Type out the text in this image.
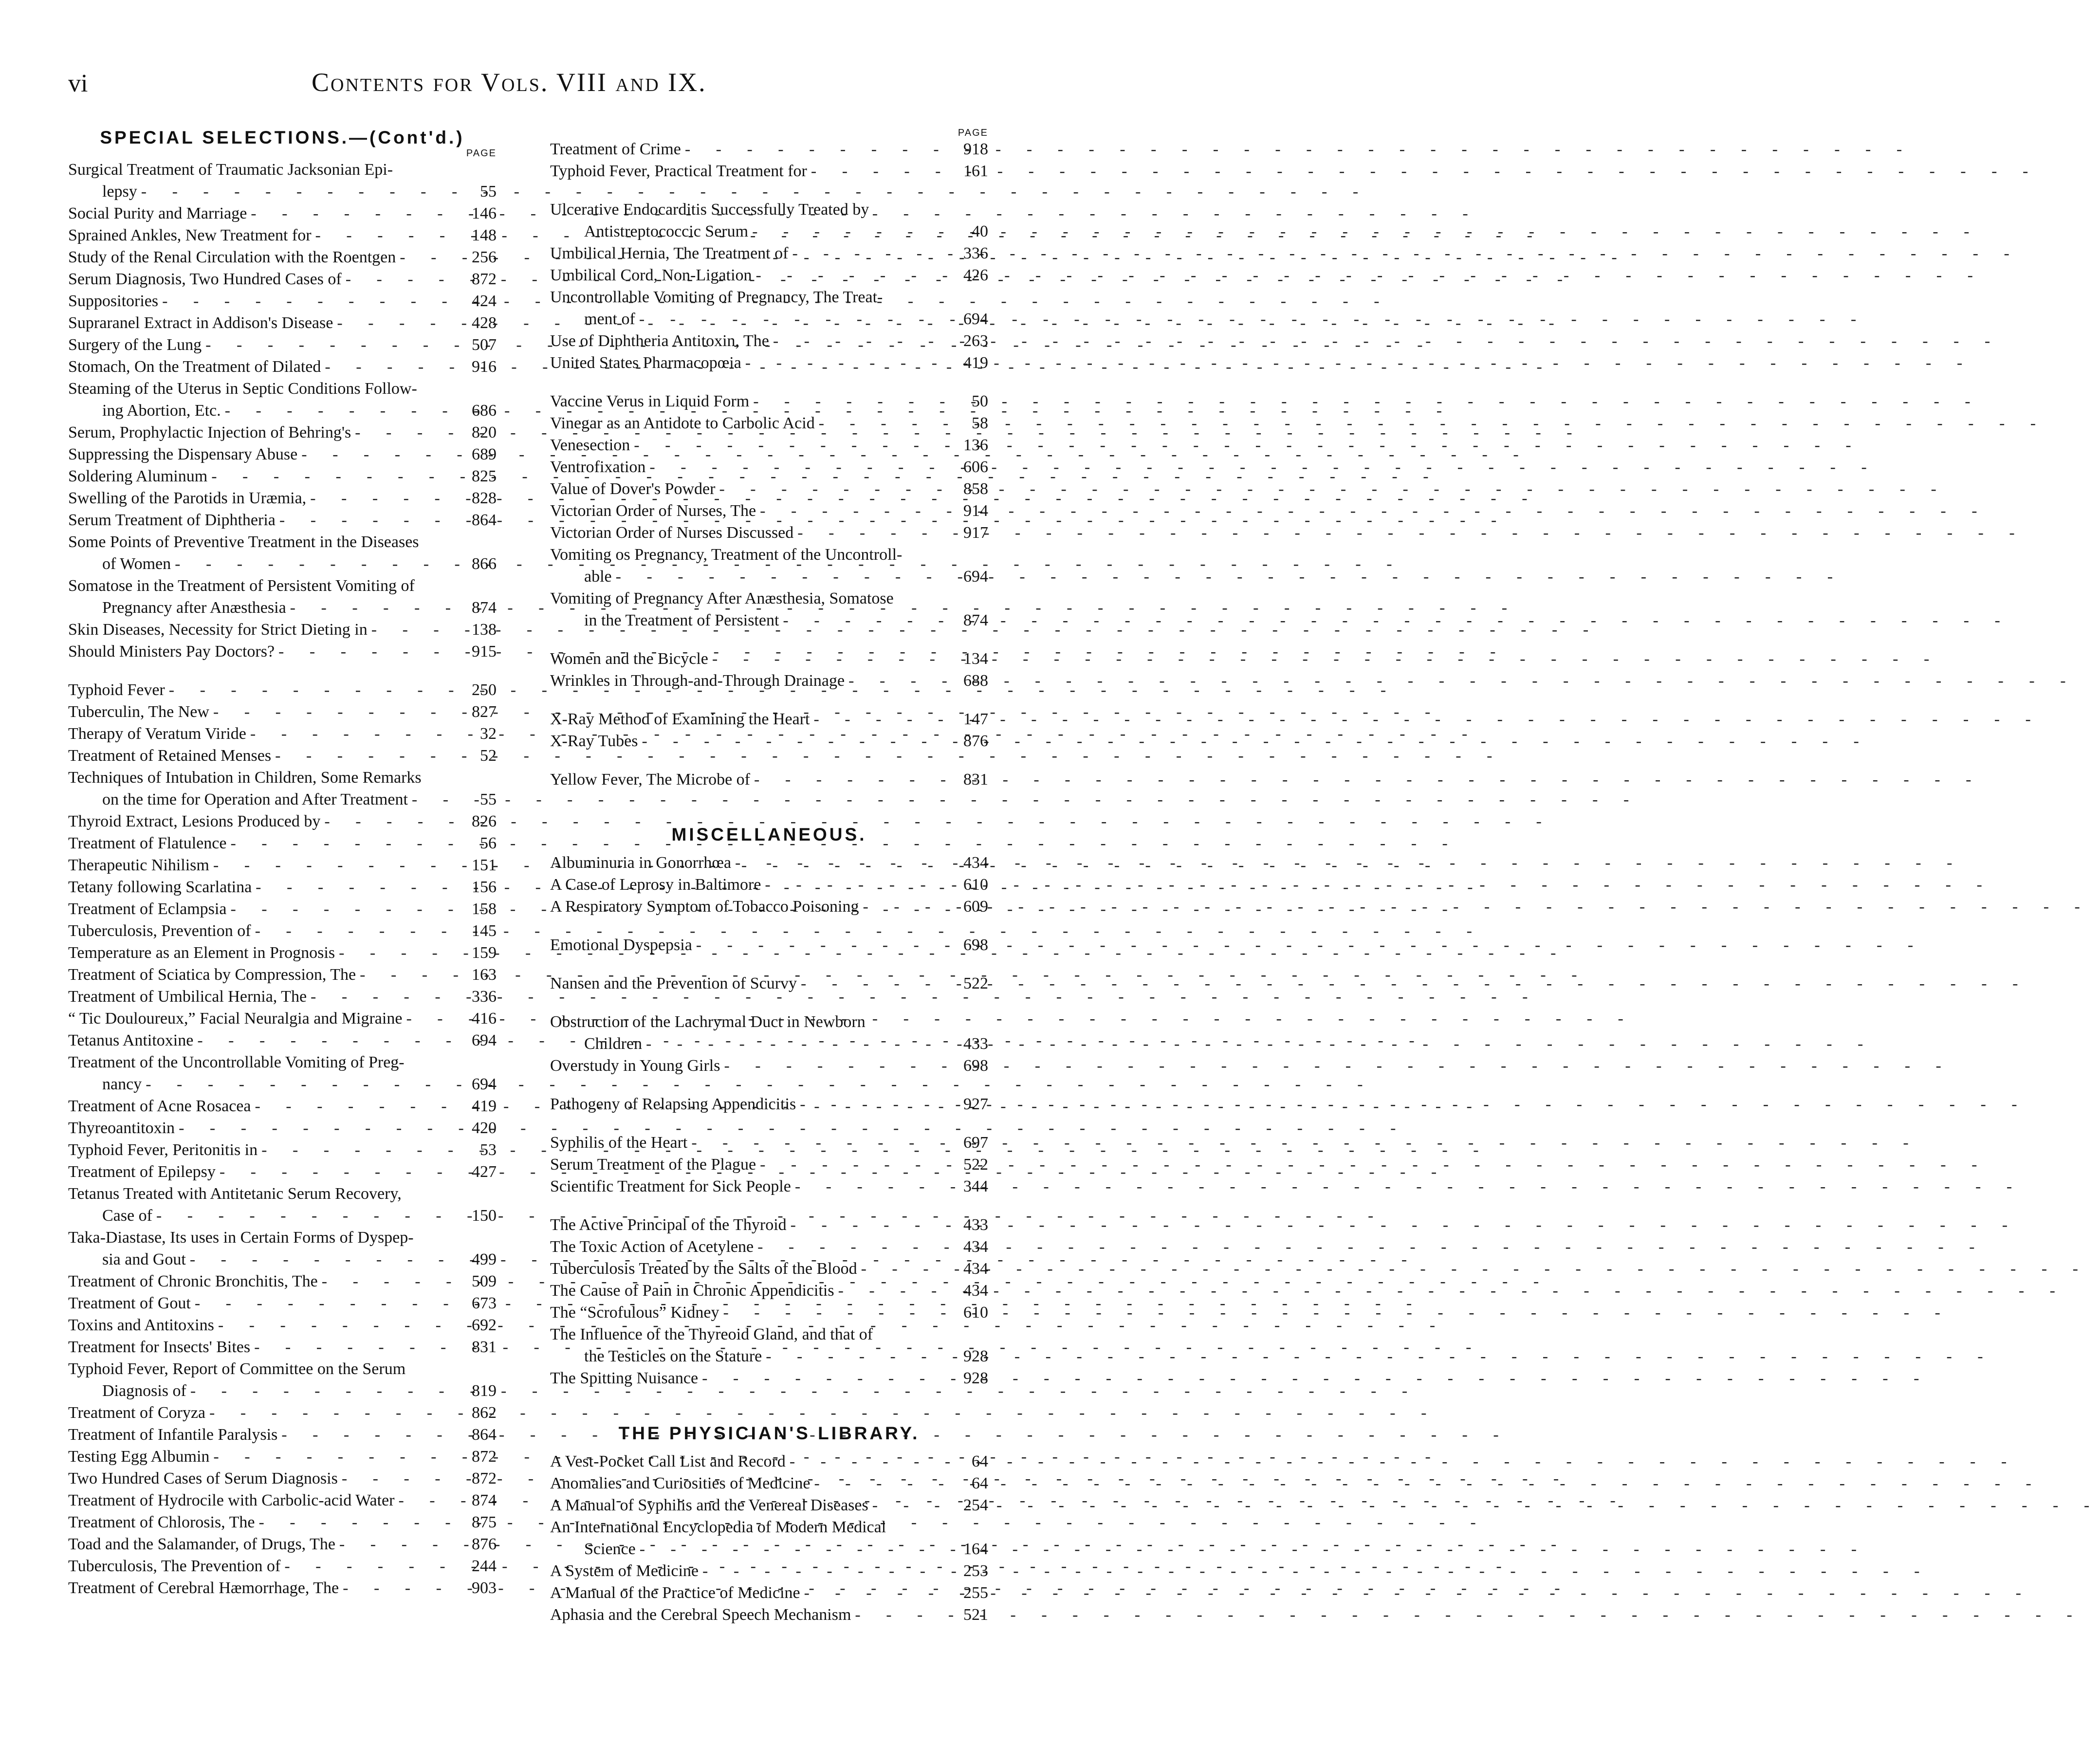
vi	Contents for Vols. VIII and IX.
SPECIAL SELECTIONS.—(Cont'd.)
PAGE
Surgical Treatment of Traumatic Jacksonian Epi-
lepsy - - -	55
Social Purity and Marriage - - -	146
Sprained Ankles, New Treatment for - - -	148
Study of the Renal Circulation with the Roentgen - - -	256
Serum Diagnosis, Two Hundred Cases of - - -	872
Suppositories - - -	424
Supraranel Extract in Addison's Disease - - -	428
Surgery of the Lung - - -	507
Stomach, On the Treatment of Dilated - - -	916
Steaming of the Uterus in Septic Conditions Follow-
ing Abortion, Etc. - - -	686
Serum, Prophylactic Injection of Behring's - - -	820
Suppressing the Dispensary Abuse - - -	689
Soldering Aluminum - - -	825
Swelling of the Parotids in Uræmia, - - -	828
Serum Treatment of Diphtheria - - -	864
Some Points of Preventive Treatment in the Diseases
of Women - - -	866
Somatose in the Treatment of Persistent Vomiting of
Pregnancy after Anæsthesia - - -	874
Skin Diseases, Necessity for Strict Dieting in - - -	138
Should Ministers Pay Doctors? - - -	915
Typhoid Fever - - -	250
Tuberculin, The New - - -	827
Therapy of Veratum Viride - - -	32
Treatment of Retained Menses - - -	52
Techniques of Intubation in Children, Some Remarks
on the time for Operation and After Treatment - - -	55
Thyroid Extract, Lesions Produced by - - -	826
Treatment of Flatulence - - -	56
Therapeutic Nihilism - - -	151
Tetany following Scarlatina - - -	156
Treatment of Eclampsia - - -	158
Tuberculosis, Prevention of - - -	145
Temperature as an Element in Prognosis - - -	159
Treatment of Sciatica by Compression, The - - -	163
Treatment of Umbilical Hernia, The - - -	336
“ Tic Douloureux,” Facial Neuralgia and Migraine - - -	416
Tetanus Antitoxine - - -	694
Treatment of the Uncontrollable Vomiting of Preg-
nancy - - -	694
Treatment of Acne Rosacea - - -	419
Thyreoantitoxin - - -	420
Typhoid Fever, Peritonitis in - - -	53
Treatment of Epilepsy - - -	427
Tetanus Treated with Antitetanic Serum Recovery,
Case of - - -	150
Taka-Diastase, Its uses in Certain Forms of Dyspep-
sia and Gout - - -	499
Treatment of Chronic Bronchitis, The - - -	509
Treatment of Gout - - -	673
Toxins and Antitoxins - - -	692
Treatment for Insects' Bites - - -	831
Typhoid Fever, Report of Committee on the Serum
Diagnosis of - - -	819
Treatment of Coryza - - -	862
Treatment of Infantile Paralysis - - -	864
Testing Egg Albumin - - -	872
Two Hundred Cases of Serum Diagnosis - - -	872
Treatment of Hydrocile with Carbolic-acid Water - - -	874
Treatment of Chlorosis, The - - -	875
Toad and the Salamander, of Drugs, The - - -	876
Tuberculosis, The Prevention of - - -	244
Treatment of Cerebral Hæmorrhage, The - - -	903
PAGE
Treatment of Crime - - -	918
Typhoid Fever, Practical Treatment for - - -	161
Ulcerative Endocarditis Successfully Treated by
Antistreptococcic Serum - - -	40
Umbilical Hernia, The Treatment of - - -	336
Umbilical Cord, Non-Ligation - - -	426
Uncontrollable Vomiting of Pregnancy, The Treat-
ment of - - -	694
Use of Diphtheria Antitoxin, The - - -	263
United States Pharmacopœia - - -	419
Vaccine Verus in Liquid Form - - -	50
Vinegar as an Antidote to Carbolic Acid - - -	58
Venesection - - -	136
Ventrofixation - - -	606
Value of Dover's Powder - - -	858
Victorian Order of Nurses, The - - -	914
Victorian Order of Nurses Discussed - - -	917
Vomiting os Pregnancy, Treatment of the Uncontroll-
able - - -	694
Vomiting of Pregnancy After Anæsthesia, Somatose
in the Treatment of Persistent - - -	874
Women and the Bicycle - - -	134
Wrinkles in Through-and-Through Drainage - - -	688
X-Ray Method of Examining the Heart - - -	147
X-Ray Tubes - - -	876
Yellow Fever, The Microbe of - - -	831
MISCELLANEOUS.
Albuminuria in Gonorrhœa - - -	434
A Case of Leprosy in Baltimore - - -	610
A Respiratory Symptom of Tobacco Poisoning - - -	609
Emotional Dyspepsia - - -	698
Nansen and the Prevention of Scurvy - - -	522
Obstruction of the Lachrymal Duct in Newborn
Children - - -	433
Overstudy in Young Girls - - -	698
Pathogeny of Relapsing Appendicitis - - -	927
Syphilis of the Heart - - -	697
Serum Treatment of the Plague - - -	522
Scientific Treatment for Sick People - - -	344
The Active Principal of the Thyroid - - -	433
The Toxic Action of Acetylene - - -	434
Tuberculosis Treated by the Salts of the Blood - - -	434
The Cause of Pain in Chronic Appendicitis - - -	434
The “Scrofulous” Kidney - - -	610
The Influence of the Thyreoid Gland, and that of
the Testicles on the Stature - - -	928
The Spitting Nuisance - - -	928
THE PHYSICIAN'S LIBRARY.
A Vest-Pocket Call List and Record - - -	64
Anomalies and Curiosities of Medicine - - -	64
A Manual of Syphilis and the Venereal Diseases - - -	254
An International Encyclopedia of Modern Medical
Science - - -	164
A System of Medicine - - -	253
A Manual of the Practice of Medicine - - -	255
Aphasia and the Cerebral Speech Mechanism - - -	521
